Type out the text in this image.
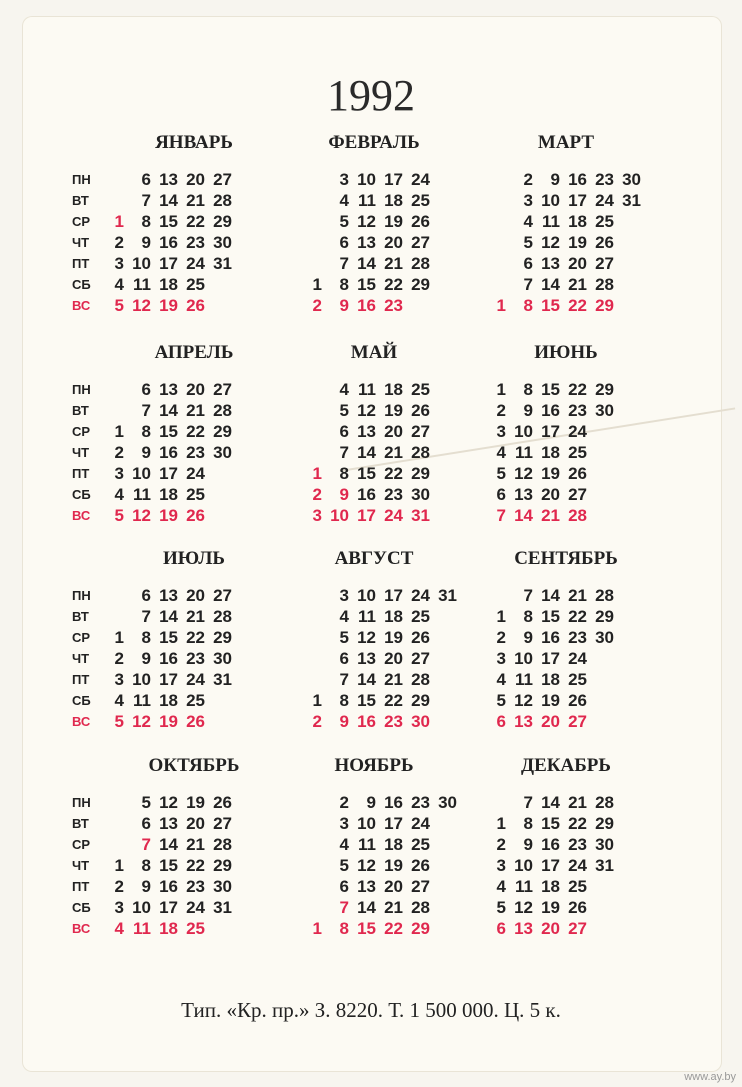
1992
ЯНВАРЬ
ПН
ВТ
СР
ЧТ
ПТ
СБ
ВС
6 13 20 27
7 14 21 28
1 8 15 22 29
2 9 16 23 30
3 10 17 24 31
4 11 18 25
5 12 19 26
ФЕВРАЛЬ
3 10 17 24
4 11 18 25
5 12 19 26
6 13 20 27
7 14 21 28
1 8 15 22 29
2 9 16 23
МАРТ
2 9 16 23 30
3 10 17 24 31
4 11 18 25
5 12 19 26
6 13 20 27
7 14 21 28
1 8 15 22 29
АПРЕЛЬ
ПН
ВТ
СР
ЧТ
ПТ
СБ
ВС
6 13 20 27
7 14 21 28
1 8 15 22 29
2 9 16 23 30
3 10 17 24
4 11 18 25
5 12 19 26
МАЙ
4 11 18 25
5 12 19 26
6 13 20 27
7 14 21 28
1 8 15 22 29
2 9 16 23 30
3 10 17 24 31
ИЮНЬ
1 8 15 22 29
2 9 16 23 30
3 10 17 24
4 11 18 25
5 12 19 26
6 13 20 27
7 14 21 28
ИЮЛЬ
ПН
ВТ
СР
ЧТ
ПТ
СБ
ВС
6 13 20 27
7 14 21 28
1 8 15 22 29
2 9 16 23 30
3 10 17 24 31
4 11 18 25
5 12 19 26
АВГУСТ
3 10 17 24 31
4 11 18 25
5 12 19 26
6 13 20 27
7 14 21 28
1 8 15 22 29
2 9 16 23 30
СЕНТЯБРЬ
7 14 21 28
1 8 15 22 29
2 9 16 23 30
3 10 17 24
4 11 18 25
5 12 19 26
6 13 20 27
ОКТЯБРЬ
ПН
ВТ
СР
ЧТ
ПТ
СБ
ВС
5 12 19 26
6 13 20 27
7 14 21 28
1 8 15 22 29
2 9 16 23 30
3 10 17 24 31
4 11 18 25
НОЯБРЬ
2 9 16 23 30
3 10 17 24
4 11 18 25
5 12 19 26
6 13 20 27
7 14 21 28
1 8 15 22 29
ДЕКАБРЬ
7 14 21 28
1 8 15 22 29
2 9 16 23 30
3 10 17 24 31
4 11 18 25
5 12 19 26
6 13 20 27
Тип. «Кр. пр.» З. 8220. Т. 1 500 000. Ц. 5 к.
www.ay.by
